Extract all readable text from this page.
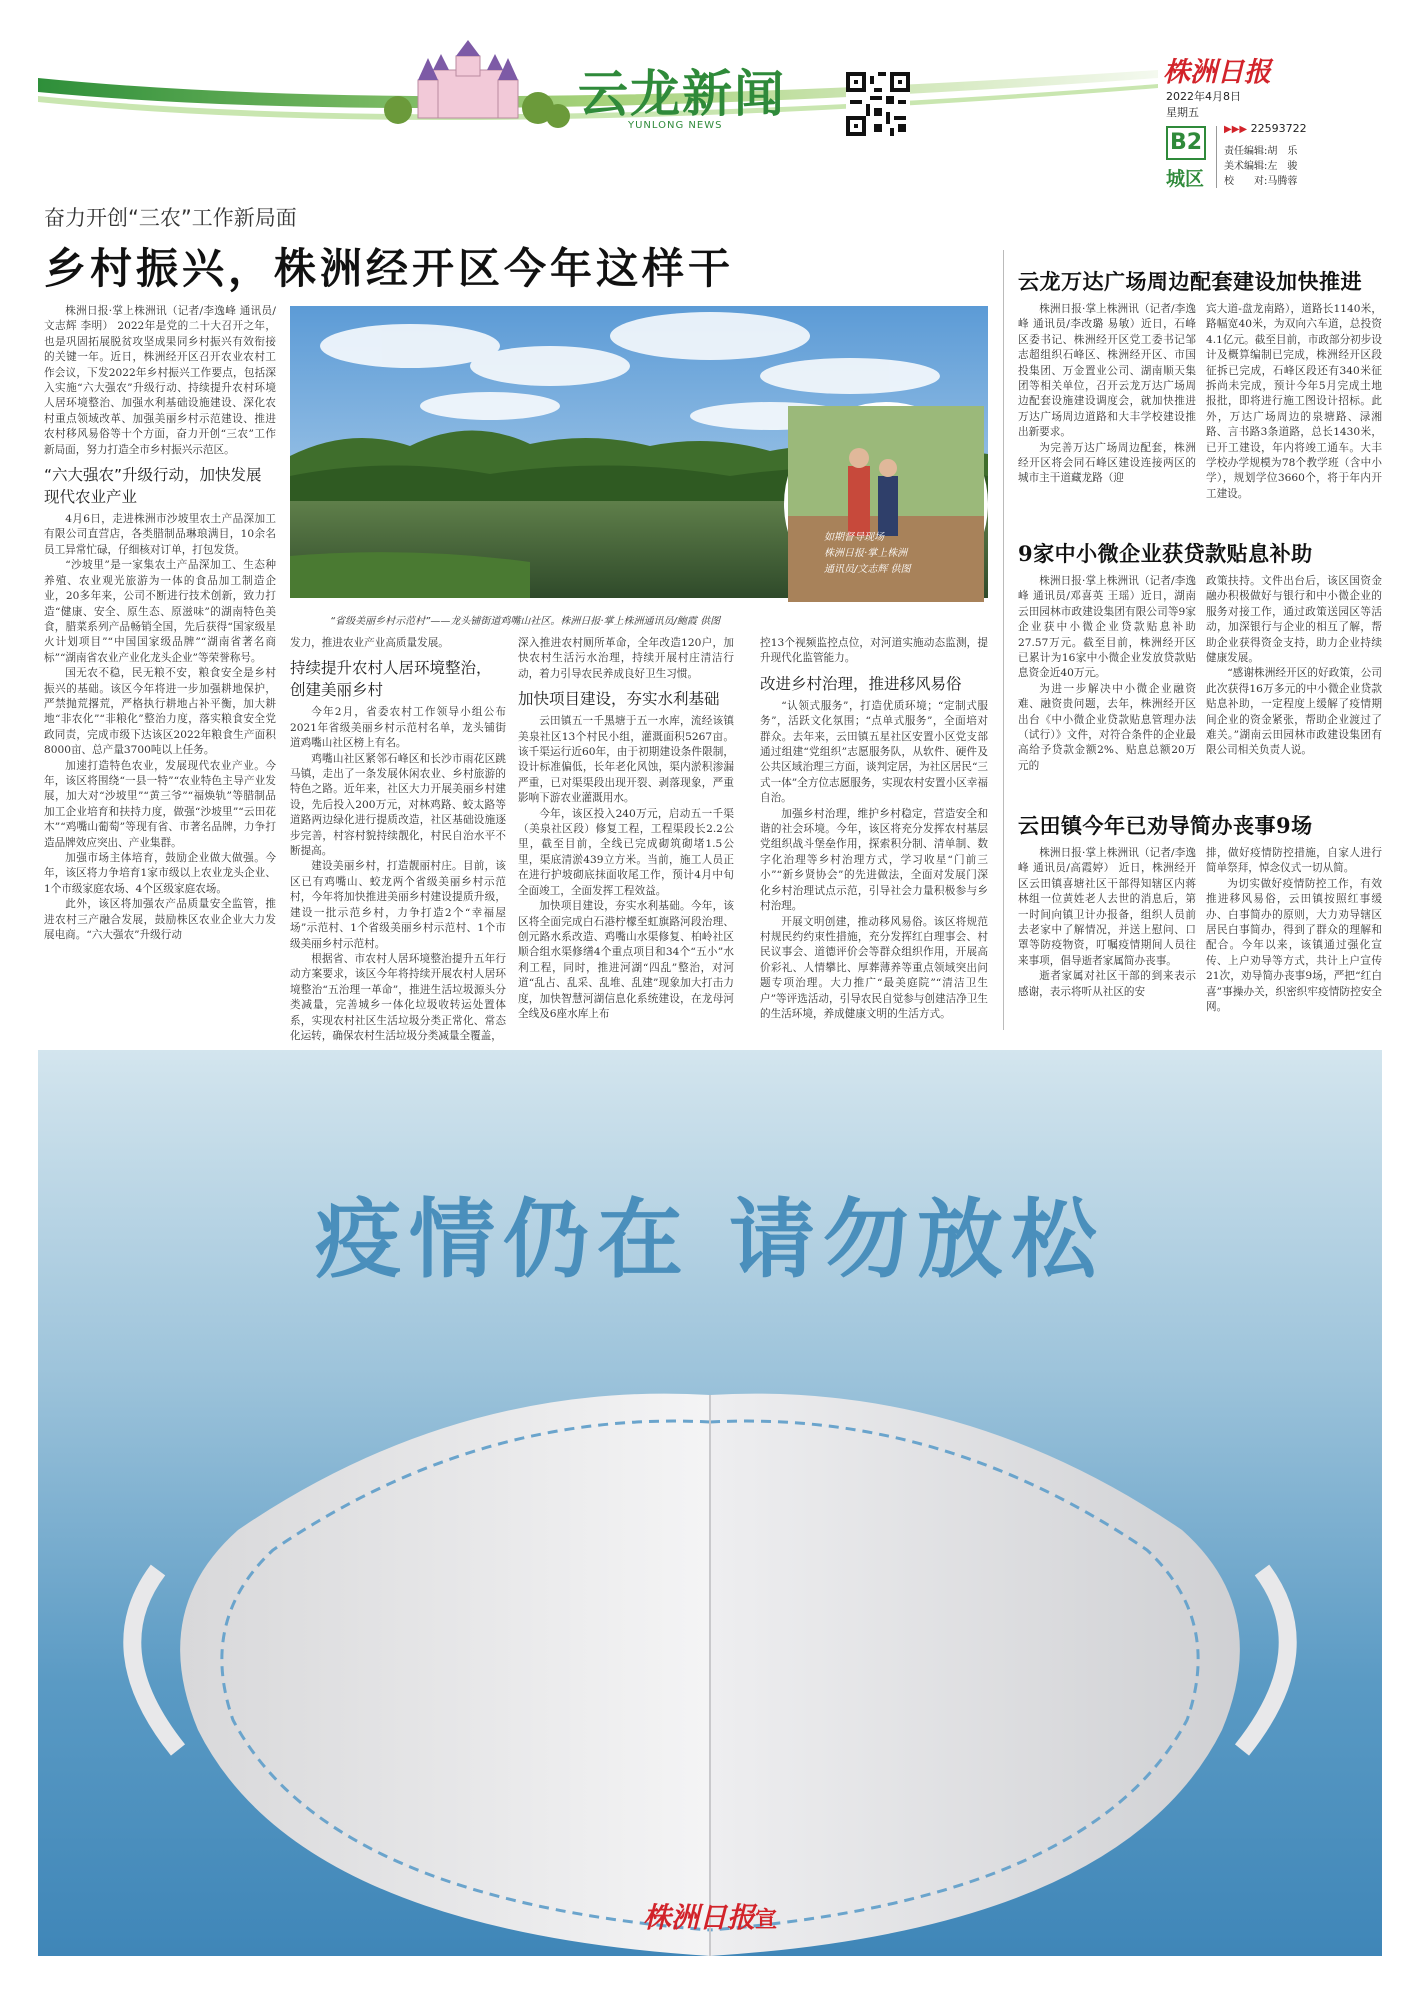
云龙新闻
YUNLONG NEWS
株洲日报
2022年4月8日
星期五
B2
城区
▶▶▶ 22593722
责任编辑:胡　乐
美术编辑:左　骏
校　　对:马腾蓉
奋力开创“三农”工作新局面
乡村振兴，株洲经开区今年这样干

株洲日报·掌上株洲讯（记者/李逸峰 通讯员/文志辉 李明） 2022年是党的二十大召开之年，也是巩固拓展脱贫攻坚成果同乡村振兴有效衔接的关键一年。近日，株洲经开区召开农业农村工作会议，下发2022年乡村振兴工作要点，包括深入实施“六大强农”升级行动、持续提升农村环境人居环境整治、加强水利基础设施建设、深化农村重点领域改革、加强美丽乡村示范建设、推进农村移风易俗等十个方面，奋力开创“三农”工作新局面，努力打造全市乡村振兴示范区。

“六大强农”升级行动，加快发展现代农业产业

4月6日，走进株洲市沙坡里农土产品深加工有限公司直营店，各类腊制品琳琅满目，10余名员工异常忙碌，仔细核对订单，打包发货。

“沙坡里”是一家集农土产品深加工、生态种养殖、农业观光旅游为一体的食品加工制造企业，20多年来，公司不断进行技术创新，致力打造“健康、安全、原生态、原滋味”的湖南特色美食，腊菜系列产品畅销全国，先后获得“国家级星火计划项目”“中国国家级品牌”“湖南省著名商标”“湖南省农业产业化龙头企业”等荣誉称号。

国无农不稳，民无粮不安，粮食安全是乡村振兴的基础。该区今年将进一步加强耕地保护，严禁抛荒撂荒，严格执行耕地占补平衡，加大耕地“非农化”“非粮化”整治力度，落实粮食安全党政同责，完成市级下达该区2022年粮食生产面积8000亩、总产量3700吨以上任务。

加速打造特色农业，发展现代农业产业。今年，该区将围绕“一县一特”“农业特色主导产业发展，加大对“沙坡里”“黄三爷”“福焕轨”等腊制品加工企业培育和扶持力度，做强“沙坡里”“云田花木”“鸡嘴山葡萄”等现有省、市著名品牌，力争打造品牌效应突出、产业集群。

加强市场主体培育，鼓励企业做大做强。今年，该区将力争培育1家市级以上农业龙头企业、1个市级家庭农场、4个区级家庭农场。

此外，该区将加强农产品质量安全监管，推进农村三产融合发展，鼓励株区农业企业大力发展电商。“六大强农”升级行动

如期督导现场
株洲日报·掌上株洲
通讯员/文志辉 供图
“省级美丽乡村示范村”——龙头铺街道鸡嘴山社区。株洲日报·掌上株洲通讯员/鲍霞 供图

发力，推进农业产业高质量发展。

持续提升农村人居环境整治，创建美丽乡村

今年2月，省委农村工作领导小组公布2021年省级美丽乡村示范村名单，龙头铺街道鸡嘴山社区榜上有名。

鸡嘴山社区紧邻石峰区和长沙市雨花区跳马镇，走出了一条发展休闲农业、乡村旅游的特色之路。近年来，社区大力开展美丽乡村建设，先后投入200万元，对林鸡路、蛟太路等道路两边绿化进行提质改造，社区基础设施逐步完善，村容村貌持续靓化，村民自治水平不断提高。

建设美丽乡村，打造靓丽村庄。目前，该区已有鸡嘴山、蛟龙两个省级美丽乡村示范村，今年将加快推进美丽乡村建设提质升级，建设一批示范乡村，力争打造2个“幸福屋场”示范村、1个省级美丽乡村示范村、1个市级美丽乡村示范村。

根据省、市农村人居环境整治提升五年行动方案要求，该区今年将持续开展农村人居环境整治“五治理一革命”，推进生活垃圾源头分类减量，完善城乡一体化垃圾收转运处置体系，实现农村社区生活垃圾分类正常化、常态化运转，确保农村生活垃圾分类减量全覆盖，

深入推进农村厕所革命，全年改造120户，加快农村生活污水治理，持续开展村庄清洁行动，着力引导农民养成良好卫生习惯。

加快项目建设，夯实水利基础

云田镇五一千黑塘于五一水库，流经该镇美泉社区13个村民小组，灌溉面积5267亩。该千渠运行近60年，由于初期建设条件限制，设计标准偏低，长年老化风蚀，渠内淤积渗漏严重，已对渠渠段出现开裂、剥落现象，严重影响下游农业灌溉用水。

今年，该区投入240万元，启动五一千渠（美泉社区段）修复工程，工程渠段长2.2公里，截至目前，全线已完成砌筑砌堵1.5公里，渠底清淤439立方米。当前，施工人员正在进行护坡砌底抹面收尾工作，预计4月中旬全面竣工，全面发挥工程效益。

加快项目建设，夯实水利基础。今年，该区将全面完成白石港柠檬至虹旗路河段治理、创元路水系改造、鸡嘴山水渠修复、柏岭社区顺合组水渠修缮4个重点项目和34个“五小”水利工程，同时，推进河湖“四乱”整治，对河道“乱占、乱采、乱堆、乱建”现象加大打击力度，加快智慧河湖信息化系统建设，在龙母河全线及6座水库上布

控13个视频监控点位，对河道实施动态监测，提升现代化监管能力。

改进乡村治理，推进移风易俗

“认领式服务”，打造优质环境；“定制式服务”，活跃文化氛围；“点单式服务”，全面培对群众。去年来，云田镇五星社区安置小区党支部通过组建“党组织”志愿服务队，从软件、硬件及公共区域治理三方面，谈判定居，为社区居民“三式一体”全方位志愿服务，实现农村安置小区幸福自治。

加强乡村治理，维护乡村稳定，营造安全和谐的社会环境。今年，该区将充分发挥农村基层党组织战斗堡垒作用，探索积分制、清单制、数字化治理等乡村治理方式，学习收星“门前三小”“新乡贤协会”的先进做法，全面对发展门深化乡村治理试点示范，引导社会力量积极参与乡村治理。

开展文明创建，推动移风易俗。该区将规范村规民约约束性措施，充分发挥红白理事会、村民议事会、道德评价会等群众组织作用，开展高价彩礼、人情攀比、厚葬薄养等重点领域突出问题专项治理。大力推广“最美庭院”“清洁卫生户”等评选活动，引导农民自觉参与创建洁净卫生的生活环境，养成健康文明的生活方式。

云龙万达广场周边配套建设加快推进

株洲日报·掌上株洲讯（记者/李逸峰 通讯员/李改璐 易敏）近日，石峰区委书记、株洲经开区党工委书记邹志超组织石峰区、株洲经开区、市国投集团、万金置业公司、湖南顺天集团等相关单位，召开云龙万达广场周边配套设施建设调度会，就加快推进万达广场周边道路和大丰学校建设推出新要求。

为完善万达广场周边配套，株洲经开区将会同石峰区建设连接两区的城市主干道藏龙路（迎

宾大道-盘龙南路），道路长1140米，路幅宽40米，为双向六车道，总投资4.1亿元。截至目前，市政部分初步设计及概算编制已完成，株洲经开区段征拆已完成，石峰区段还有340米征拆尚未完成，预计今年5月完成土地报批，即将进行施工图设计招标。此外，万达广场周边的泉塘路、渌湘路、言书路3条道路，总长1430米，已开工建设，年内将竣工通车。大丰学校办学规模为78个教学班（含中小学），规划学位3660个，将于年内开工建设。

9家中小微企业获贷款贴息补助

株洲日报·掌上株洲讯（记者/李逸峰 通讯员/邓喜英 王瑶）近日，湖南云田园林市政建设集团有限公司等9家企业获中小微企业贷款贴息补助27.57万元。截至目前，株洲经开区已累计为16家中小微企业发放贷款贴息资金近40万元。

为进一步解决中小微企业融资难、融资贵问题，去年，株洲经开区出台《中小微企业贷款贴息管理办法（试行）》文件，对符合条件的企业最高给予贷款金额2%、贴息总额20万元的

政策扶持。文件出台后，该区国资金融办积极做好与银行和中小微企业的服务对接工作，通过政策送园区等活动，加深银行与企业的相互了解，帮助企业获得资金支持，助力企业持续健康发展。

“感谢株洲经开区的好政策，公司此次获得16万多元的中小微企业贷款贴息补助，一定程度上缓解了疫情期间企业的资金紧张，帮助企业渡过了难关。”湖南云田园林市政建设集团有限公司相关负责人说。

云田镇今年已劝导简办丧事9场

株洲日报·掌上株洲讯（记者/李逸峰 通讯员/高霞婷） 近日，株洲经开区云田镇喜塘社区干部得知辖区内蒋林组一位黄姓老人去世的消息后，第一时间向镇卫计办报备，组织人员前去老家中了解情况，并送上慰问、口罩等防疫物资，叮嘱疫情期间人员往来事项，倡导逝者家属简办丧事。

逝者家属对社区干部的到来表示感谢，表示将听从社区的安

排，做好疫情防控措施，自家人进行简单祭拜，悼念仪式一切从简。

为切实做好疫情防控工作，有效推进移风易俗，云田镇按照红事缓办、白事简办的原则，大力劝导辖区居民白事简办，得到了群众的理解和配合。今年以来，该镇通过强化宣传、上户劝导等方式，共计上户宣传21次，劝导简办丧事9场，严把“红白喜”事操办关，织密织牢疫情防控安全网。

疫情仍在 请勿放松
株洲日报宣
